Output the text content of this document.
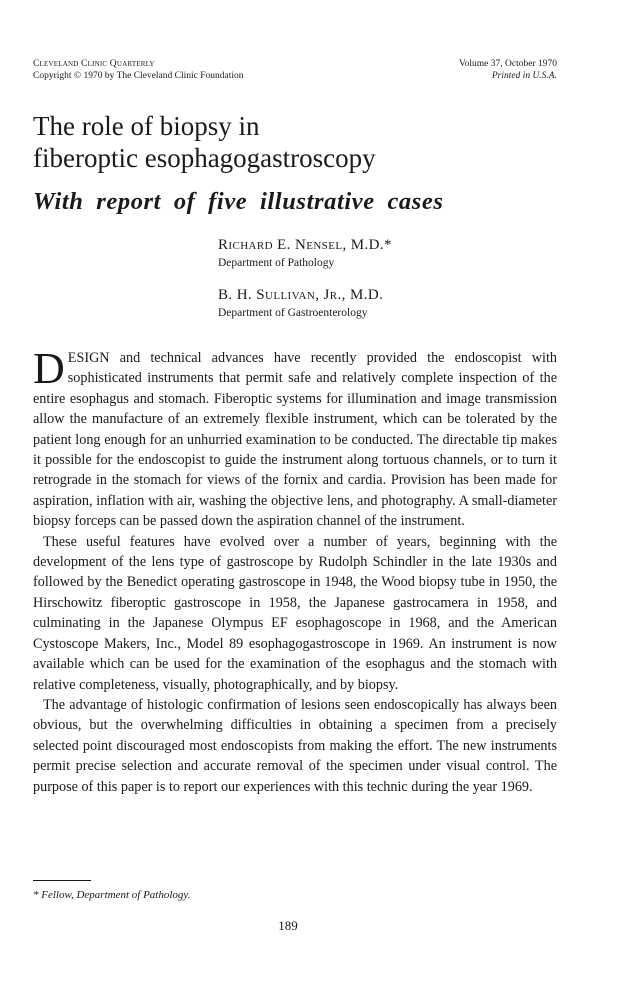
Cleveland Clinic Quarterly
Copyright © 1970 by The Cleveland Clinic Foundation
Volume 37, October 1970
Printed in U.S.A.
The role of biopsy in
fiberoptic esophagogastroscopy
With report of five illustrative cases
Richard E. Nensel, M.D.*
Department of Pathology
B. H. Sullivan, Jr., M.D.
Department of Gastroenterology

DESIGN and technical advances have recently provided the endoscopist with sophisticated instruments that permit safe and relatively complete inspection of the entire esophagus and stomach. Fiberoptic systems for illumination and image transmission allow the manufacture of an extremely flexible instrument, which can be tolerated by the patient long enough for an unhurried examination to be conducted. The directable tip makes it possible for the endoscopist to guide the instrument along tortuous channels, or to turn it retrograde in the stomach for views of the fornix and cardia. Provision has been made for aspiration, inflation with air, washing the objective lens, and photography. A small-diameter biopsy forceps can be passed down the aspiration channel of the instrument.

These useful features have evolved over a number of years, beginning with the development of the lens type of gastroscope by Rudolph Schindler in the late 1930s and followed by the Benedict operating gastroscope in 1948, the Wood biopsy tube in 1950, the Hirschowitz fiberoptic gastroscope in 1958, the Japanese gastrocamera in 1958, and culminating in the Japanese Olympus EF esophagoscope in 1968, and the American Cystoscope Makers, Inc., Model 89 esophagogastroscope in 1969. An instrument is now available which can be used for the examination of the esophagus and the stomach with relative completeness, visually, photographically, and by biopsy.

The advantage of histologic confirmation of lesions seen endoscopically has always been obvious, but the overwhelming difficulties in obtaining a specimen from a precisely selected point discouraged most endoscopists from making the effort. The new instruments permit precise selection and accurate removal of the specimen under visual control. The purpose of this paper is to report our experiences with this technic during the year 1969.

* Fellow, Department of Pathology.
189
